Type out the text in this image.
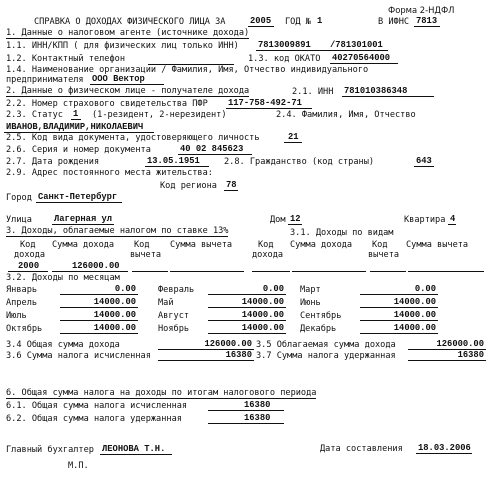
СПРАВКА О ДОХОДАХ ФИЗИЧЕСКОГО ЛИЦА ЗА	2005 ГОД № 1
Форма 2-НДФЛ
В ИФНС 7813
1. Данные о налоговом агенте (источнике дохода)
1.1. ИНН/КПП ( для физических лиц только ИНН) 7813009891 /781301001
1.2. Контактный телефон	1.3. код ОКАТО 40270564000
1.4. Наименование организации / Фамилия, Имя, Отчество индивидуального
предпринимателя ООО Вектор
2. Данные о физическом лице - получателе дохода	2.1. ИНН 781010386348
2.2. Номер страхового свидетельства ПФР 117-758-492-71
2.3. Статус 1 (1-резидент, 2-нерезидент)	2.4. Фамилия, Имя, Отчество
ИВАНОВ,ВЛАДИМИР,НИКОЛАЕВИЧ
2.5. Код вида документа, удостоверяющего личность	21
2.6. Серия и номер документа	40 02 845623
2.7. Дата рождения	13.05.1951	2.8. Гражданство (код страны)	643
2.9. Адрес постоянного места жительства:
Код региона 78
Город Санкт-Петербург
Улица	Лагерная ул	Дом 12	Квартира 4
3. Доходы, облагаемые налогом по ставке 13%	3.1. Доходы по видам
Код
дохода
Сумма дохода Код
вычета
Сумма вычета	Код
дохода
Сумма дохода Код
вычета
Сумма вычета
2000	126000.00
3.2. Доходы по месяцам
Январь	0.00	Февраль	0.00 Март	0.00
Апрель	14000.00	Май	14000.00 Июнь	14000.00
Июль	14000.00	Август	14000.00 Сентябрь	14000.00
Октябрь	14000.00	Ноябрь	14000.00 Декабрь	14000.00
3.4 Общая сумма дохода	126000.00 3.5 Облагаемая сумма дохода	126000.00
3.6 Сумма налога исчисленная	16380 3.7 Сумма налога удержанная	16380
6. Общая сумма налога на доходы по итогам налогового периода
6.1. Общая сумма налога исчисленная	16380
6.2. Общая сумма налога удержанная	16380
Главный бухгалтер ЛЕОНОВА Т.Н.	Дата составления 18.03.2006
М.П.
